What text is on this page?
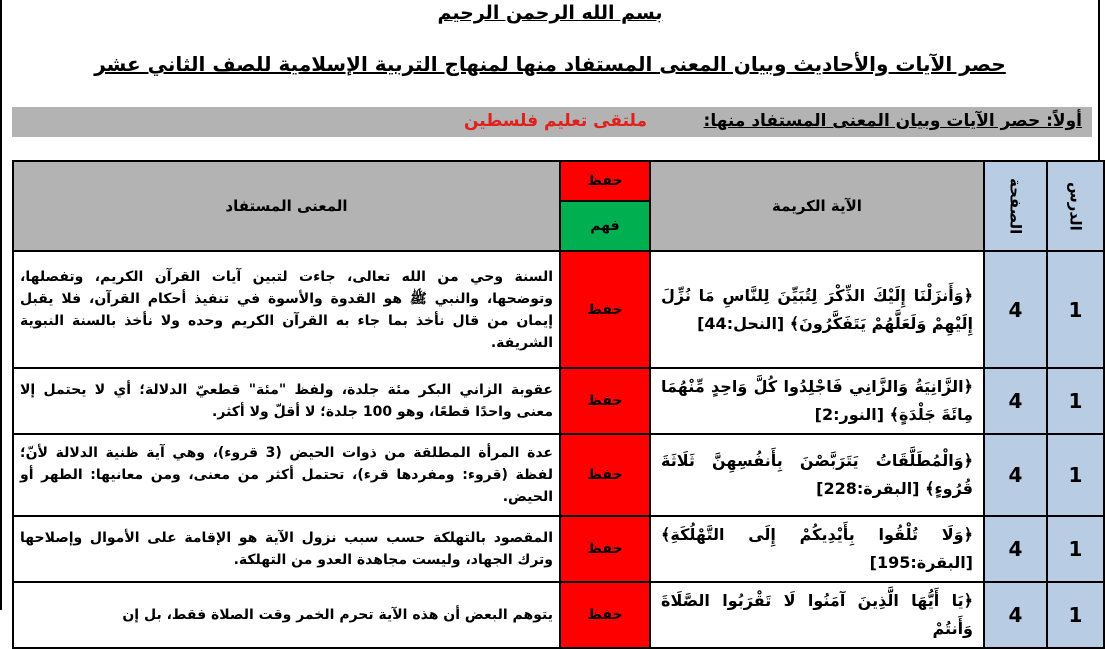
بسم الله الرحمن الرحيم
حصر الآيات والأحاديث وبيان المعنى المستفاد منها لمنهاج التربية الإسلامية للصف الثاني عشر
أولاً: حصر الآيات وبيان المعنى المستفاد منها:
ملتقى تعليم فلسطين
الدرس	الصفحة	الآية الكريمة	حفظ	المعنى المستفاد
			فهم	
1	4	﴿وَأَنزَلْنَا إِلَيْكَ الذِّكْرَ لِتُبَيِّنَ لِلنَّاسِ مَا نُزِّلَ إِلَيْهِمْ وَلَعَلَّهُمْ يَتَفَكَّرُونَ﴾ [النحل:44]	حفظ	السنة وحي من الله تعالى، جاءت لتبين آيات القرآن الكريم، وتفصلها، وتوضحها، والنبي ﷺ هو القدوة والأسوة في تنفيذ أحكام القرآن، فلا يقبل إيمان من قال نأخذ بما جاء به القرآن الكريم وحده ولا نأخذ بالسنة النبوية الشريفة.
1	4	﴿الزَّانِيَةُ وَالزَّانِي فَاجْلِدُوا كُلَّ وَاحِدٍ مِّنْهُمَا مِائَةَ جَلْدَةٍ﴾ [النور:2]	حفظ	عقوبة الزاني البكر مئة جلدة، ولفظ "مئة" قطعيّ الدلالة؛ أي لا يحتمل إلا معنى واحدًا قطعًا، وهو 100 جلدة؛ لا أقلّ ولا أكثر.
1	4	﴿وَالْمُطَلَّقَاتُ يَتَرَبَّصْنَ بِأَنفُسِهِنَّ ثَلَاثَةَ قُرُوءٍ﴾ [البقرة:228]	حفظ	عدة المرأة المطلقة من ذوات الحيض (3 قروء)، وهي آية ظنية الدلالة لأنّ؛ لفظة (قروء: ومفردها قرء)، تحتمل أكثر من معنى، ومن معانيها: الطهر أو الحيض.
1	4	﴿وَلَا تُلْقُوا بِأَيْدِيكُمْ إِلَى التَّهْلُكَةِ﴾ [البقرة:195]	حفظ	المقصود بالتهلكة حسب سبب نزول الآية هو الإقامة على الأموال وإصلاحها وترك الجهاد، وليست مجاهدة العدو من التهلكة.
1	4	﴿يَا أَيُّهَا الَّذِينَ آمَنُوا لَا تَقْرَبُوا الصَّلَاةَ وَأَنتُمْ	حفظ	يتوهم البعض أن هذه الآية تحرم الخمر وقت الصلاة فقط، بل إن
